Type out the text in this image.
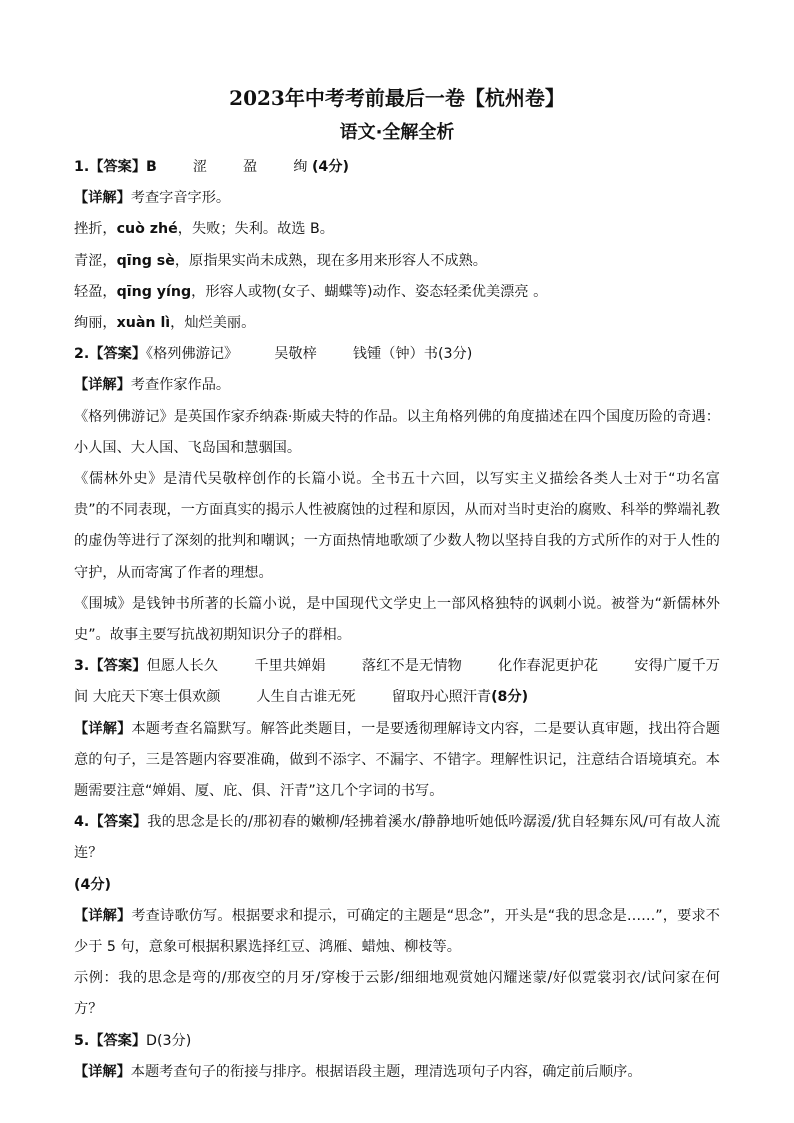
2023年中考考前最后一卷【杭州卷】
语文·全解全析

1.【答案】B	涩	盈	绚 (4分)

【详解】考查字音字形。

挫折，cuò zhé，失败；失利。故选 B。

青涩，qīng sè，原指果实尚未成熟，现在多用来形容人不成熟。

轻盈，qīng yíng，形容人或物(女子、蝴蝶等)动作、姿态轻柔优美漂亮 。

绚丽，xuàn lì，灿烂美丽。

2.【答案】《格列佛游记》	吴敬梓	钱锺（钟）书(3分)

【详解】考查作家作品。

《格列佛游记》是英国作家乔纳森·斯威夫特的作品。以主角格列佛的角度描述在四个国度历险的奇遇：小人国、大人国、飞岛国和慧骃国。

《儒林外史》是清代吴敬梓创作的长篇小说。全书五十六回，以写实主义描绘各类人士对于“功名富贵”的不同表现，一方面真实的揭示人性被腐蚀的过程和原因，从而对当时吏治的腐败、科举的弊端礼教的虚伪等进行了深刻的批判和嘲讽；一方面热情地歌颂了少数人物以坚持自我的方式所作的对于人性的守护，从而寄寓了作者的理想。

《围城》是钱钟书所著的长篇小说，是中国现代文学史上一部风格独特的讽刺小说。被誉为“新儒林外史”。故事主要写抗战初期知识分子的群相。

3.【答案】但愿人长久	千里共婵娟	落红不是无情物	化作春泥更护花	安得广厦千万间 大庇天下寒士俱欢颜	人生自古谁无死	留取丹心照汗青(8分)

【详解】本题考查名篇默写。解答此类题目，一是要透彻理解诗文内容，二是要认真审题，找出符合题意的句子，三是答题内容要准确，做到不添字、不漏字、不错字。理解性识记，注意结合语境填充。本题需要注意“婵娟、厦、庇、俱、汗青”这几个字词的书写。

4.【答案】我的思念是长的/那初春的嫩柳/轻拂着溪水/静静地听她低吟潺湲/犹自轻舞东风/可有故人流连？
(4分)

【详解】考查诗歌仿写。根据要求和提示，可确定的主题是“思念”，开头是“我的思念是……”，要求不少于 5 句，意象可根据积累选择红豆、鸿雁、蜡烛、柳枝等。

示例：我的思念是弯的/那夜空的月牙/穿梭于云影/细细地观赏她闪耀迷蒙/好似霓裳羽衣/试问家在何方？

5.【答案】D(3分)

【详解】本题考查句子的衔接与排序。根据语段主题，理清选项句子内容，确定前后顺序。
